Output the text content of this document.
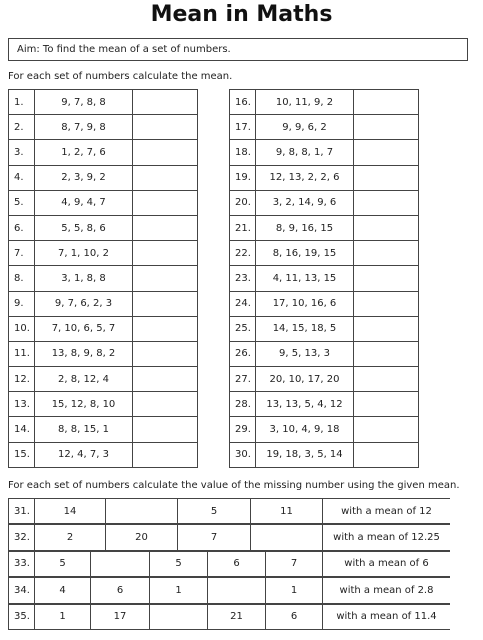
Mean in Maths
Aim: To find the mean of a set of numbers.
For each set of numbers calculate the mean.
1.	9, 7, 8, 8	
2.	8, 7, 9, 8	
3.	1, 2, 7, 6	
4.	2, 3, 9, 2	
5.	4, 9, 4, 7	
6.	5, 5, 8, 6	
7.	7, 1, 10, 2	
8.	3, 1, 8, 8	
9.	9, 7, 6, 2, 3	
10.	7, 10, 6, 5, 7	
11.	13, 8, 9, 8, 2	
12.	2, 8, 12, 4	
13.	15, 12, 8, 10	
14.	8, 8, 15, 1	
15.	12, 4, 7, 3	
16.	10, 11, 9, 2	
17.	9, 9, 6, 2	
18.	9, 8, 8, 1, 7	
19.	12, 13, 2, 2, 6	
20.	3, 2, 14, 9, 6	
21.	8, 9, 16, 15	
22.	8, 16, 19, 15	
23.	4, 11, 13, 15	
24.	17, 10, 16, 6	
25.	14, 15, 18, 5	
26.	9, 5, 13, 3	
27.	20, 10, 17, 20	
28.	13, 13, 5, 4, 12	
29.	3, 10, 4, 9, 18	
30.	19, 18, 3, 5, 14	
For each set of numbers calculate the value of the missing number using the given mean.
31.	14		5	11	with a mean of 12

32.	2	20	7		with a mean of 12.25

33.	5		5	6	7	with a mean of 6

34.	4	6	1		1	with a mean of 2.8

35.	1	17		21	6	with a mean of 11.4
